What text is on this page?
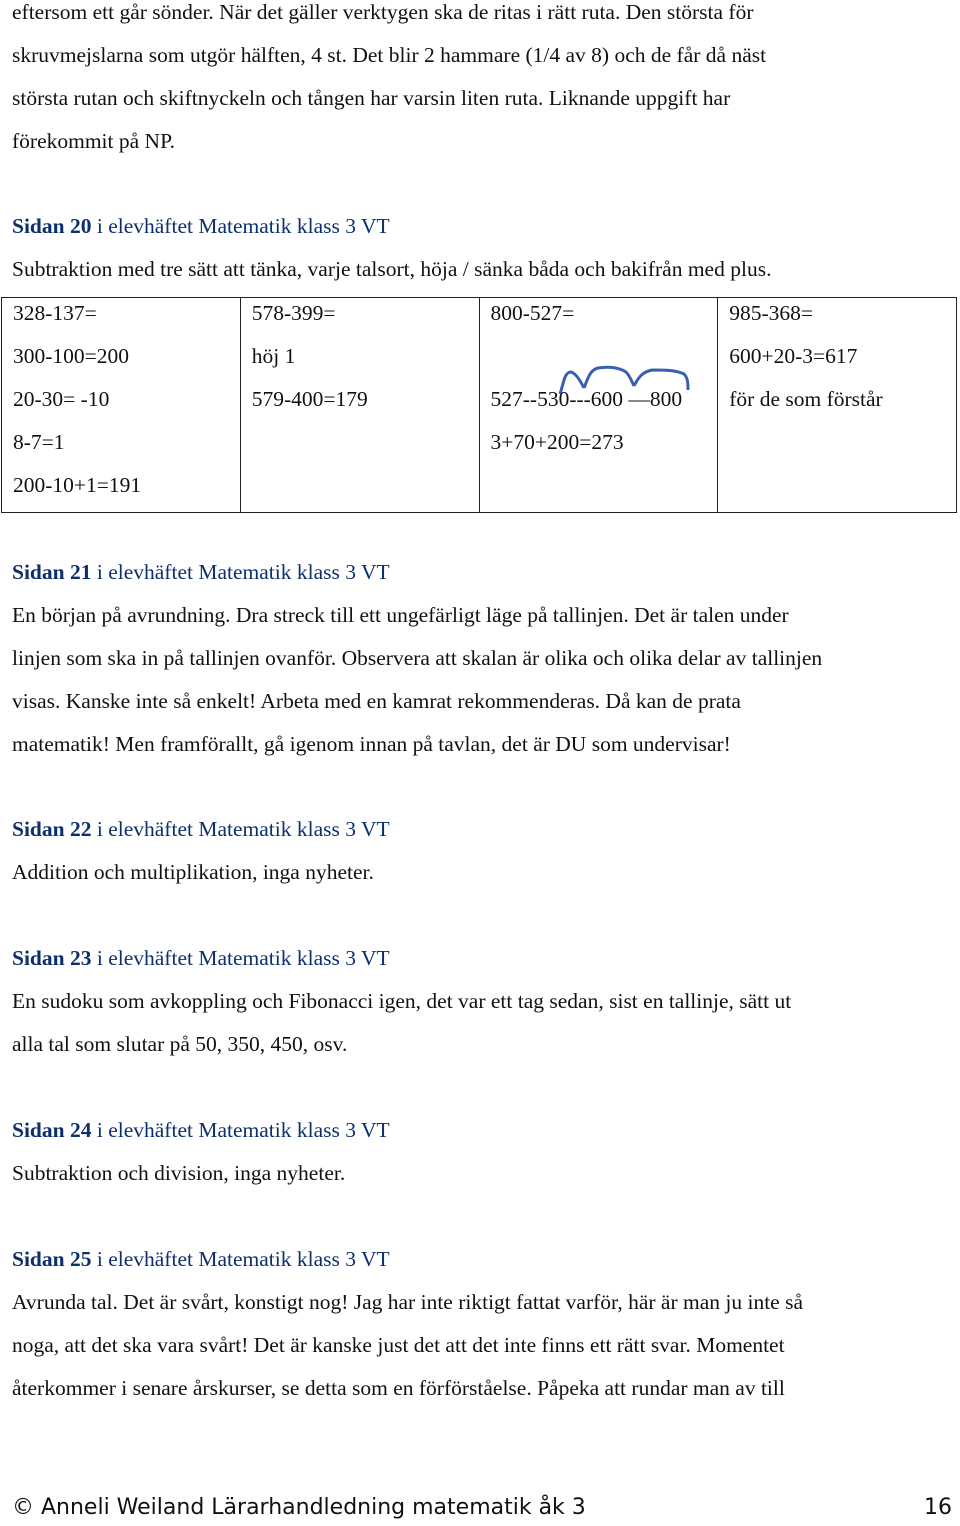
eftersom ett går sönder. När det gäller verktygen ska de ritas i rätt ruta. Den största för
skruvmejslarna som utgör hälften, 4 st. Det blir 2 hammare (1/4 av 8) och de får då näst
största rutan och skiftnyckeln och tången har varsin liten ruta. Liknande uppgift har
förekommit på NP.
Sidan 20 i elevhäftet Matematik klass 3 VT
Subtraktion med tre sätt att tänka, varje talsort, höja / sänka båda och bakifrån med plus.
328-137=
300-100=200
20-30= -10
8-7=1
200-10+1=191

578-399=
höj 1
579-400=179

800-527=
527--530---600 —800
3+70+200=273

985-368=
600+20-3=617
för de som förstår
Sidan 21 i elevhäftet Matematik klass 3 VT
En början på avrundning. Dra streck till ett ungefärligt läge på tallinjen. Det är talen under
linjen som ska in på tallinjen ovanför. Observera att skalan är olika och olika delar av tallinjen
visas. Kanske inte så enkelt! Arbeta med en kamrat rekommenderas. Då kan de prata
matematik! Men framförallt, gå igenom innan på tavlan, det är DU som undervisar!
Sidan 22 i elevhäftet Matematik klass 3 VT
Addition och multiplikation, inga nyheter.
Sidan 23 i elevhäftet Matematik klass 3 VT
En sudoku som avkoppling och Fibonacci igen, det var ett tag sedan, sist en tallinje, sätt ut
alla tal som slutar på 50, 350, 450, osv.
Sidan 24 i elevhäftet Matematik klass 3 VT
Subtraktion och division, inga nyheter.
Sidan 25 i elevhäftet Matematik klass 3 VT
Avrunda tal. Det är svårt, konstigt nog! Jag har inte riktigt fattat varför, här är man ju inte så
noga, att det ska vara svårt! Det är kanske just det att det inte finns ett rätt svar. Momentet
återkommer i senare årskurser, se detta som en förförståelse. Påpeka att rundar man av till
© Anneli Weiland Lärarhandledning matematik åk 3	16
